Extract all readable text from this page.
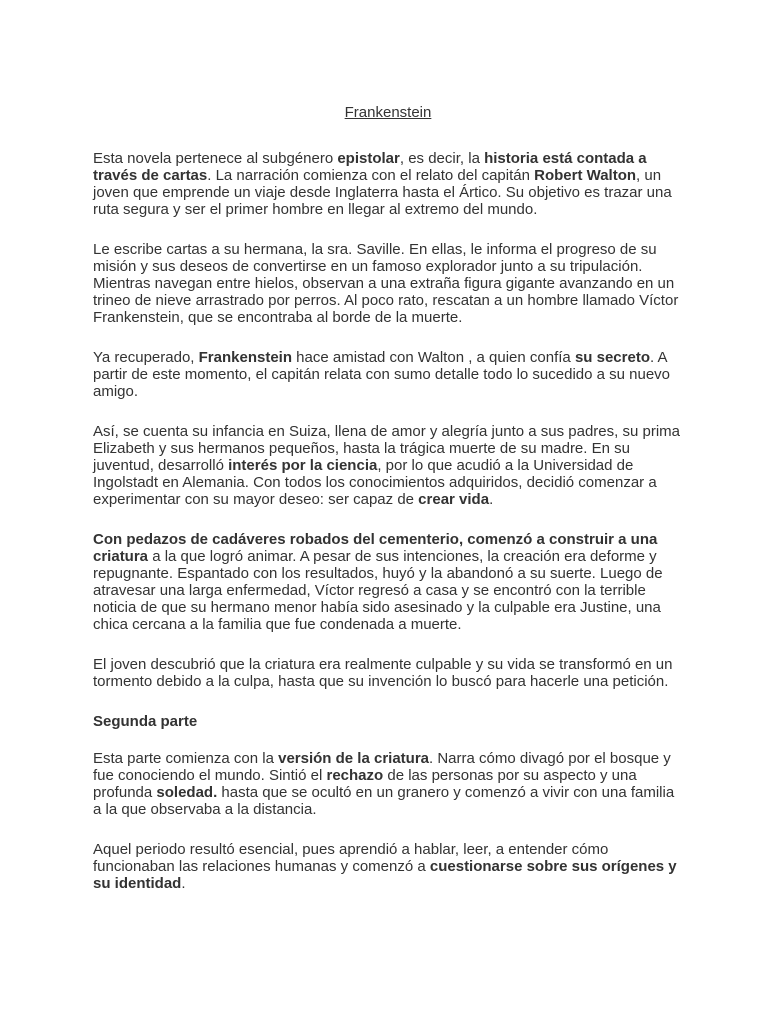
Frankenstein

Esta novela pertenece al subgénero epistolar, es decir, la historia está contada a través de cartas. La narración comienza con el relato del capitán Robert Walton, un joven que emprende un viaje desde Inglaterra hasta el Ártico. Su objetivo es trazar una ruta segura y ser el primer hombre en llegar al extremo del mundo.

Le escribe cartas a su hermana, la sra. Saville. En ellas, le informa el progreso de su misión y sus deseos de convertirse en un famoso explorador junto a su tripulación. Mientras navegan entre hielos, observan a una extraña figura gigante avanzando en un trineo de nieve arrastrado por perros. Al poco rato, rescatan a un hombre llamado Víctor Frankenstein, que se encontraba al borde de la muerte.

Ya recuperado, Frankenstein hace amistad con Walton , a quien confía su secreto. A partir de este momento, el capitán relata con sumo detalle todo lo sucedido a su nuevo amigo.

Así, se cuenta su infancia en Suiza, llena de amor y alegría junto a sus padres, su prima Elizabeth y sus hermanos pequeños, hasta la trágica muerte de su madre. En su juventud, desarrolló interés por la ciencia, por lo que acudió a la Universidad de Ingolstadt en Alemania. Con todos los conocimientos adquiridos, decidió comenzar a experimentar con su mayor deseo: ser capaz de crear vida.

Con pedazos de cadáveres robados del cementerio, comenzó a construir a una criatura a la que logró animar. A pesar de sus intenciones, la creación era deforme y repugnante. Espantado con los resultados, huyó y la abandonó a su suerte. Luego de atravesar una larga enfermedad, Víctor regresó a casa y se encontró con la terrible noticia de que su hermano menor había sido asesinado y la culpable era Justine, una chica cercana a la familia que fue condenada a muerte.

El joven descubrió que la criatura era realmente culpable y su vida se transformó en un tormento debido a la culpa, hasta que su invención lo buscó para hacerle una petición.

Segunda parte

Esta parte comienza con la versión de la criatura. Narra cómo divagó por el bosque y fue conociendo el mundo. Sintió el rechazo de las personas por su aspecto y una profunda soledad. hasta que se ocultó en un granero y comenzó a vivir con una familia a la que observaba a la distancia.

Aquel periodo resultó esencial, pues aprendió a hablar, leer, a entender cómo funcionaban las relaciones humanas y comenzó a cuestionarse sobre sus orígenes y su identidad.
